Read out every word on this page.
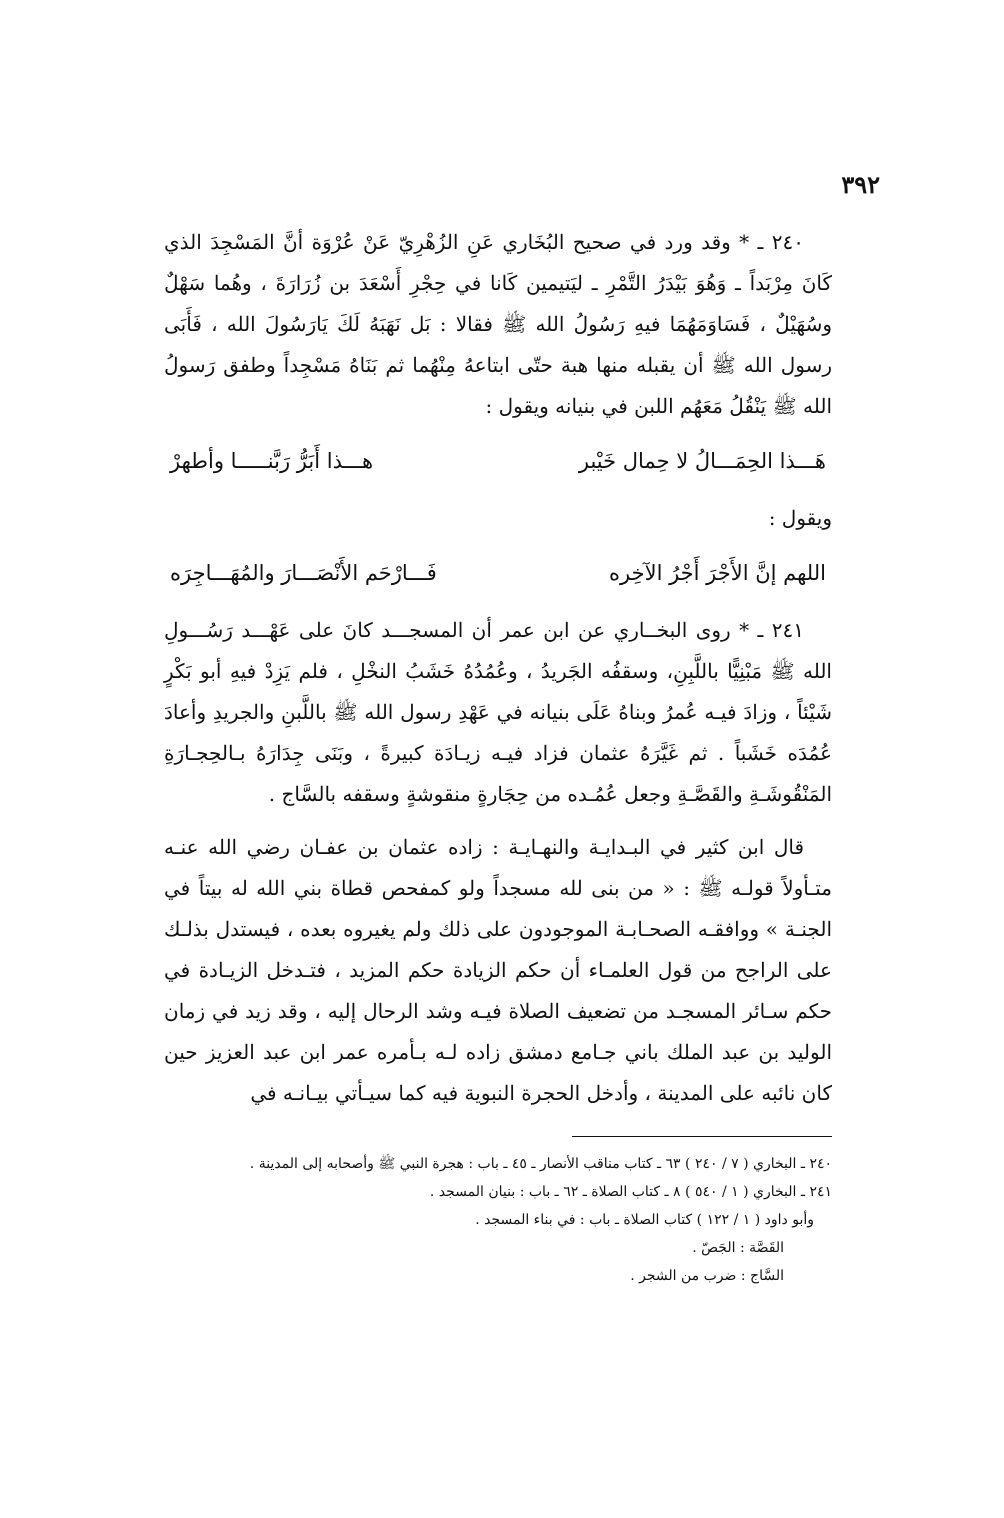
٣٩٢

٢٤٠ ـ * وقد ورد في صحيح البُخَاري عَنِ الزُهْرِيّ عَنْ عُرْوَة أنَّ المَسْجِدَ الذي كَانَ مِرْبَداً ـ وَهُوَ بَيْدَرُ التَّمْرِ ـ ليَتيمين كَانا في حِجْرِ أَسْعَدَ بن زُرَارَةَ ، وهُما سَهْلٌ وسُهَيْلٌ ، فَسَاوَمَهُمَا فيهِ رَسُولُ الله ﷺ فقالا : بَل نَهَبَهُ لَكَ يَارَسُولَ الله ، فَأَبَى رسول الله ﷺ أن يقبله منها هبة حتّى ابتاعهُ مِنْهُما ثم بَنَاهُ مَسْجِداً وطفق رَسولُ الله ﷺ يَنْقُلُ مَعَهُم اللبن في بنيانه ويقول :

هَـــذا الحِمَـــالُ لا حِمال خَيْبر
هـــذا أَبَرُّ رَبَّنـــــا وأطهرْ

ويقول :

اللهم إنَّ الأَجْرَ أَجْرُ الآخِره
فَـــارْحَم الأَنْصَـــارَ والمُهَـــاجِرَه

٢٤١ ـ * روى البخــاري عن ابن عمر أن المسجـــد كانَ على عَهْـــد رَسُـــولِ الله ﷺ مَبْنِيًّا باللَّبِنِ، وسقفُه الجَريدُ ، وعُمُدُهُ خَشَبُ النخْلِ ، فلم يَزِدْ فيهِ أبو بَكْرٍ شَيْئاً ، وزادَ فيـه عُمرُ وبناهُ عَلَى بنيانه في عَهْدِ رسول الله ﷺ باللَّبنِ والجريدِ وأعادَ عُمُدَه خَشَباً . ثم غَيَّرَهُ عثمان فزاد فيـه زيـادَة كبيرةً ، وبَنَى جِدَارَهُ بـالحِجـارَةِ المَنْقُوشَـةِ والقَصَّـةِ وجعل عُمُـده من حِجَارةٍ منقوشةٍ وسقفه بالسَّاج .

قال ابن كثير في البـدايـة والنهـايـة : زاده عثمان بن عفـان رضي الله عنـه متـأولاً قولـه ﷺ : « من بنى لله مسجداً ولو كمفحص قطاة بني الله له بيتاً في الجنـة » ووافقـه الصحـابـة الموجودون على ذلك ولم يغيروه بعده ، فيستدل بذلـك على الراجح من قول العلمـاء أن حكم الزيادة حكم المزيد ، فتـدخل الزيـادة في حكم سـائر المسجـد من تضعيف الصلاة فيـه وشد الرحال إليه ، وقد زيد في زمان الوليد بن عبد الملك باني جـامع دمشق زاده لـه بـأمره عمر ابن عبد العزيز حين كان نائبه على المدينة ، وأدخل الحجرة النبوية فيه كما سيـأتي بيـانـه في

٢٤٠ ـ البخاري ( ٧ / ٢٤٠ ) ٦٣ ـ كتاب مناقب الأنصار ـ ٤٥ ـ باب : هجرة النبي ﷺ وأصحابه إلى المدينة .

٢٤١ ـ البخاري ( ١ / ٥٤٠ ) ٨ ـ كتاب الصلاة ـ ٦٢ ـ باب : بنيان المسجد .

وأبو داود ( ١ / ١٢٢ ) كتاب الصلاة ـ باب : في بناء المسجد .

القَصَّة : الجَصّ .

السَّاج : ضرب من الشجر .
